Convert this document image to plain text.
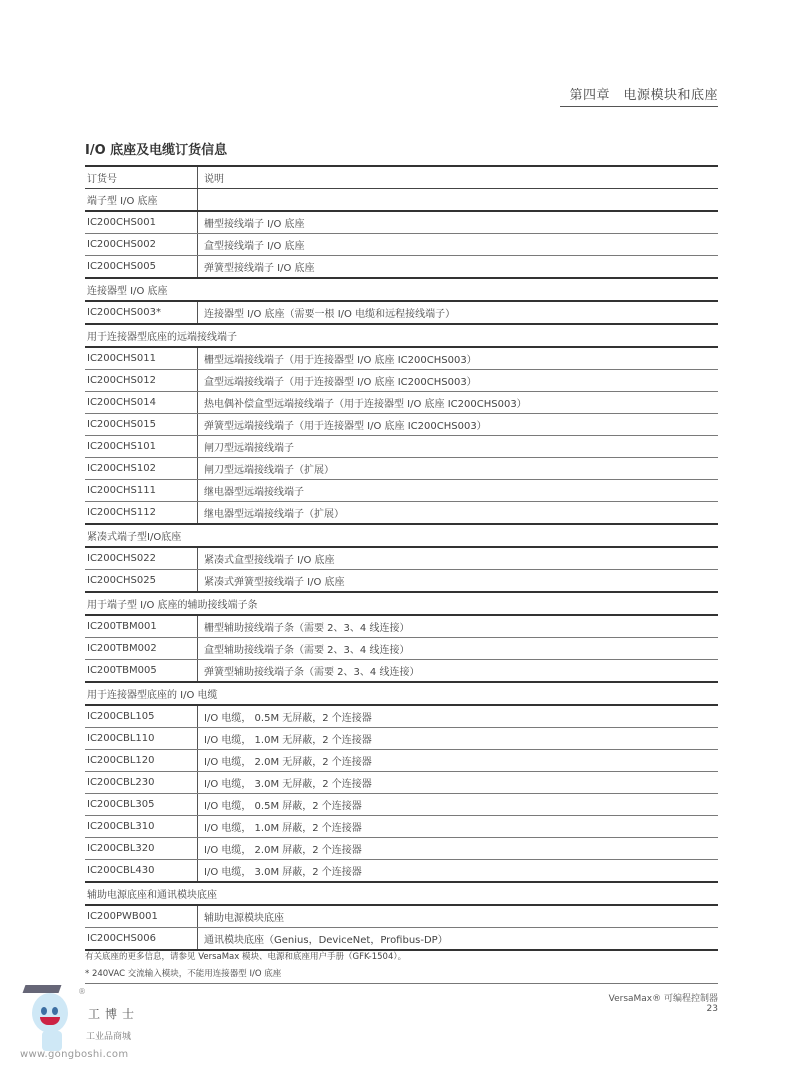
第四章　电源模块和底座
I/O 底座及电缆订货信息
订货号	说明
端子型 I/O 底座	
IC200CHS001	栅型接线端子 I/O 底座
IC200CHS002	盒型接线端子 I/O 底座
IC200CHS005	弹簧型接线端子 I/O 底座
连接器型 I/O 底座	
IC200CHS003*	连接器型 I/O 底座（需要一根 I/O 电缆和远程接线端子）
用于连接器型底座的远端接线端子	
IC200CHS011	栅型远端接线端子（用于连接器型 I/O 底座 IC200CHS003）
IC200CHS012	盒型远端接线端子（用于连接器型 I/O 底座 IC200CHS003）
IC200CHS014	热电偶补偿盒型远端接线端子（用于连接器型 I/O 底座 IC200CHS003）
IC200CHS015	弹簧型远端接线端子（用于连接器型 I/O 底座 IC200CHS003）
IC200CHS101	闸刀型远端接线端子
IC200CHS102	闸刀型远端接线端子（扩展）
IC200CHS111	继电器型远端接线端子
IC200CHS112	继电器型远端接线端子（扩展）
紧凑式端子型I/O底座	
IC200CHS022	紧凑式盒型接线端子 I/O 底座
IC200CHS025	紧凑式弹簧型接线端子 I/O 底座
用于端子型 I/O 底座的辅助接线端子条	
IC200TBM001	栅型辅助接线端子条（需要 2、3、4 线连接）
IC200TBM002	盒型辅助接线端子条（需要 2、3、4 线连接）
IC200TBM005	弹簧型辅助接线端子条（需要 2、3、4 线连接）
用于连接器型底座的 I/O 电缆	
IC200CBL105	I/O 电缆， 0.5M 无屏蔽，2 个连接器
IC200CBL110	I/O 电缆， 1.0M 无屏蔽，2 个连接器
IC200CBL120	I/O 电缆， 2.0M 无屏蔽，2 个连接器
IC200CBL230	I/O 电缆， 3.0M 无屏蔽，2 个连接器
IC200CBL305	I/O 电缆， 0.5M 屏蔽，2 个连接器
IC200CBL310	I/O 电缆， 1.0M 屏蔽，2 个连接器
IC200CBL320	I/O 电缆， 2.0M 屏蔽，2 个连接器
IC200CBL430	I/O 电缆， 3.0M 屏蔽，2 个连接器
辅助电源底座和通讯模块底座	
IC200PWB001	辅助电源模块底座
IC200CHS006	通讯模块底座（Genius，DeviceNet，Profibus-DP）
有关底座的更多信息，请参见 VersaMax 模块、电源和底座用户手册（GFK-1504）。
* 240VAC 交流输入模块，不能用连接器型 I/O 底座
VersaMax® 可编程控制器 23
®
工博士
工业品商城
www.gongboshi.com
